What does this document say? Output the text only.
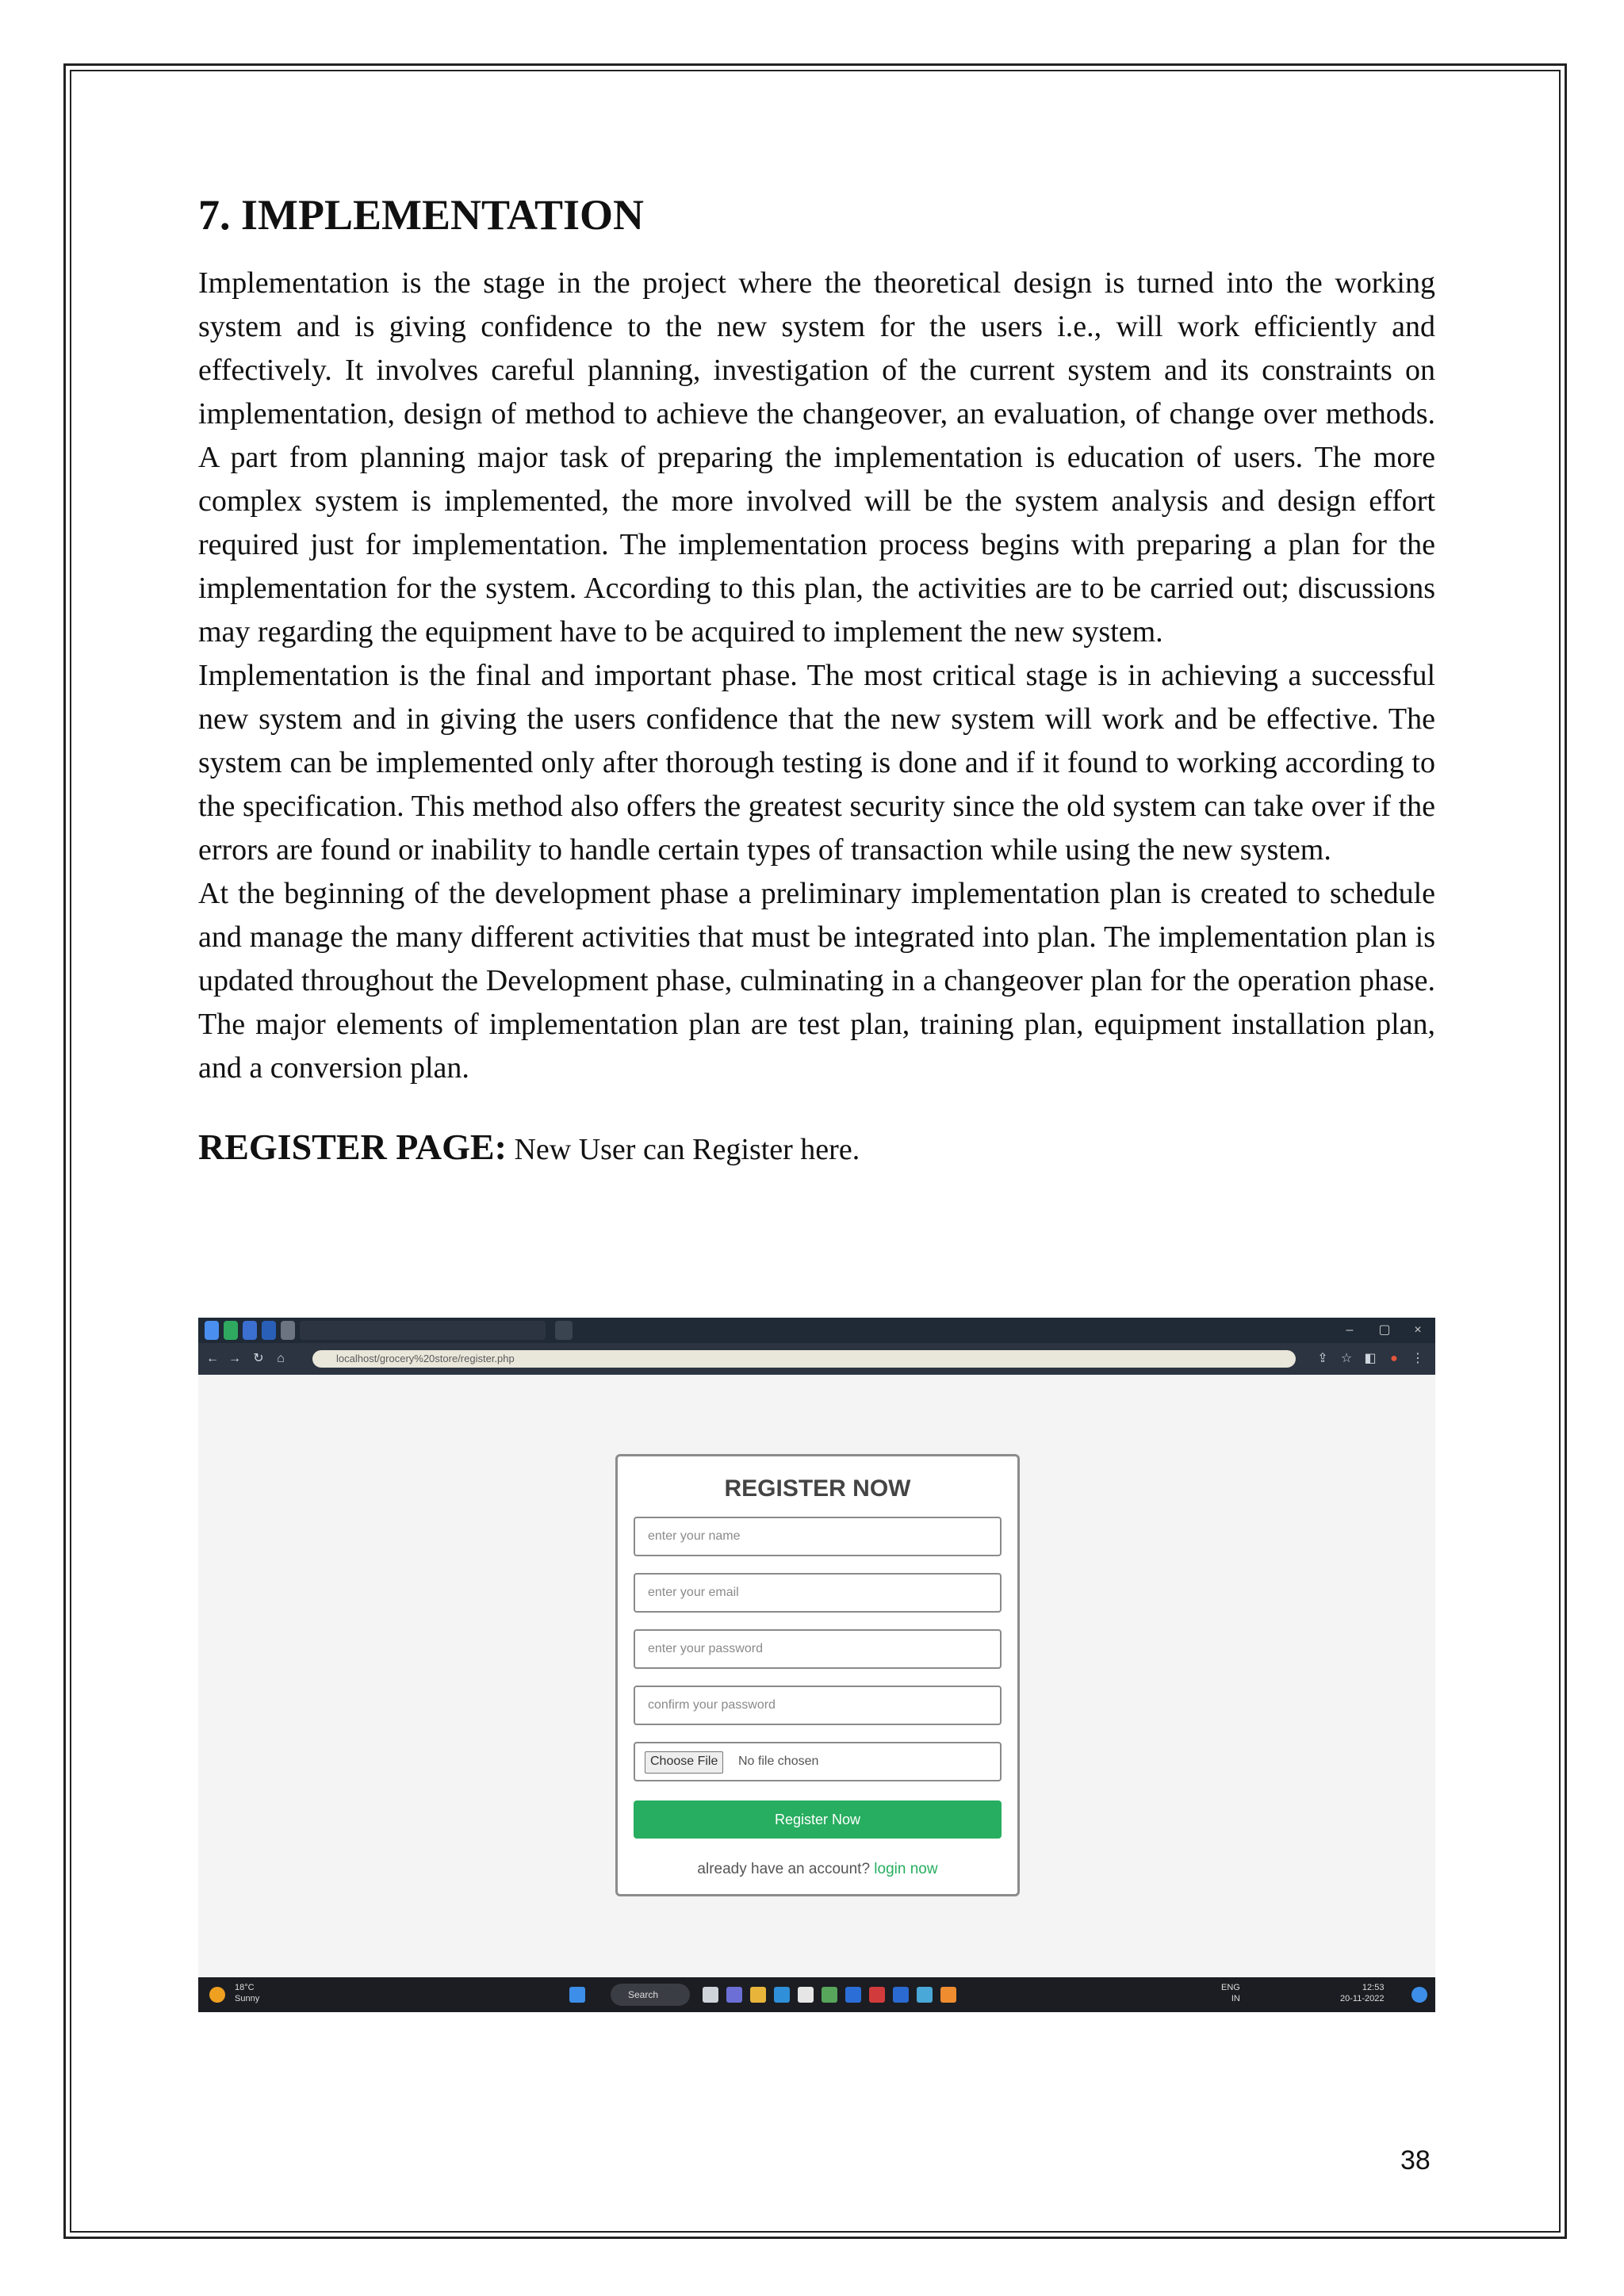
7. IMPLEMENTATION

Implementation is the stage in the project where the theoretical design is turned into the working system and is giving confidence to the new system for the users i.e., will work efficiently and effectively. It involves careful planning, investigation of the current system and its constraints on implementation, design of method to achieve the changeover, an evaluation, of change over methods. A part from planning major task of preparing the implementation is education of users. The more complex system is implemented, the more involved will be the system analysis and design effort required just for implementation. The implementation process begins with preparing a plan for the implementation for the system. According to this plan, the activities are to be carried out; discussions may regarding the equipment have to be acquired to implement the new system.

Implementation is the final and important phase. The most critical stage is in achieving a successful new system and in giving the users confidence that the new system will work and be effective. The system can be implemented only after thorough testing is done and if it found to working according to the specification. This method also offers the greatest security since the old system can take over if the errors are found or inability to handle certain types of transaction while using the new system.

At the beginning of the development phase a preliminary implementation plan is created to schedule and manage the many different activities that must be integrated into plan. The implementation plan is updated throughout the Development phase, culminating in a changeover plan for the operation phase. The major elements of implementation plan are test plan, training plan, equipment installation plan, and a conversion plan.

REGISTER PAGE: New User can Register here.
–	▢	×
← → ↻ ⌂	localhost/grocery%20store/register.php	⇪ ☆ ◧ ● ⋮
REGISTER NOW
enter your name
enter your email
enter your password
confirm your password
Choose File	No file chosen
Register Now
already have an account? login now
18°C
Sunny	Search
ENG
IN
12:53
20-11-2022
38
